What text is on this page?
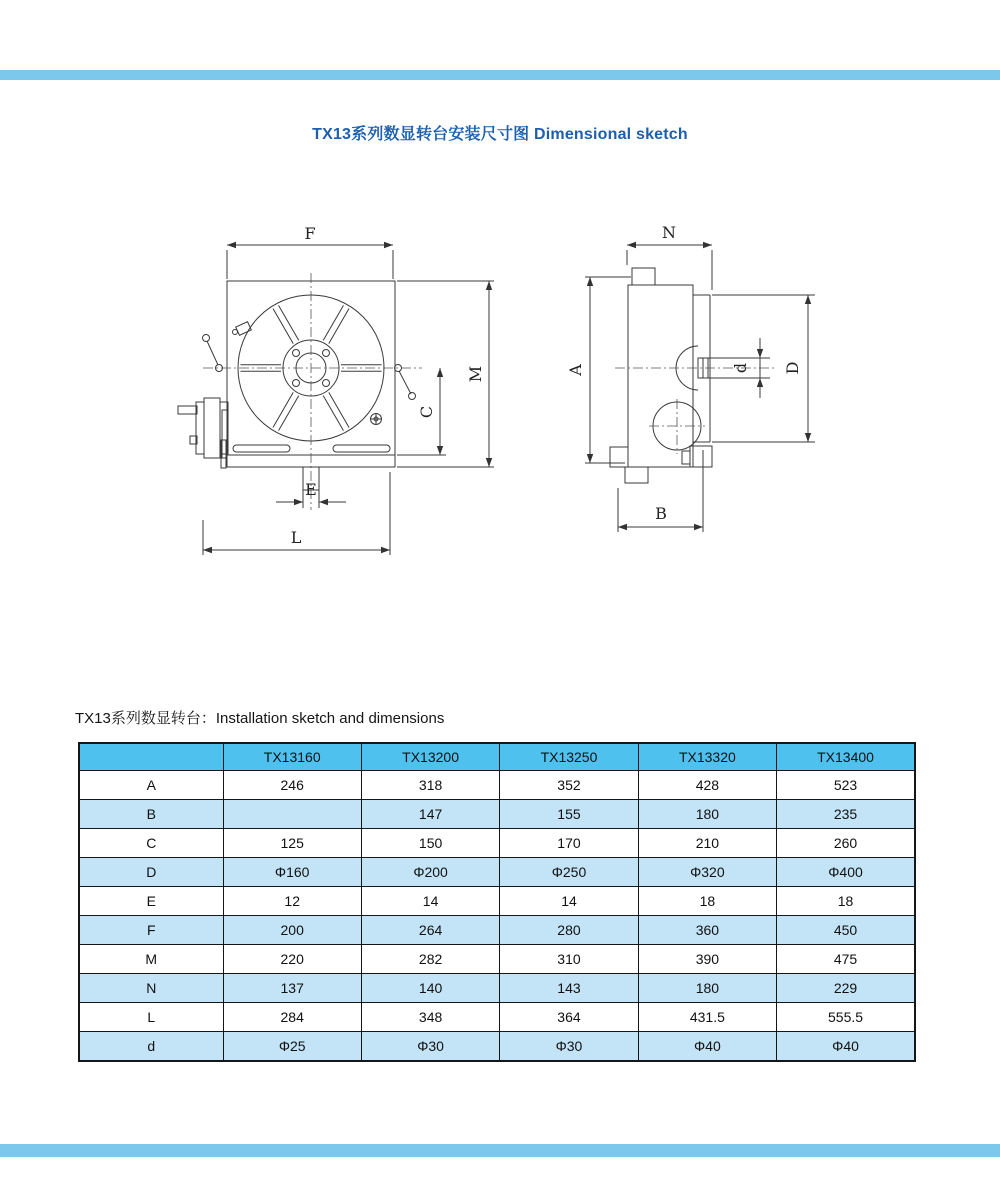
TX13系列数显转台安装尺寸图 Dimensional sketch
F
M
C
E
L
N
A	D
d
B
TX13系列数显转台：Installation sketch and dimensions
	TX13160	TX13200	TX13250	TX13320	TX13400
A	246	318	352	428	523
B		147	155	180	235
C	125	150	170	210	260
D	Φ160	Φ200	Φ250	Φ320	Φ400
E	12	14	14	18	18
F	200	264	280	360	450
M	220	282	310	390	475
N	137	140	143	180	229
L	284	348	364	431.5	555.5
d	Φ25	Φ30	Φ30	Φ40	Φ40
